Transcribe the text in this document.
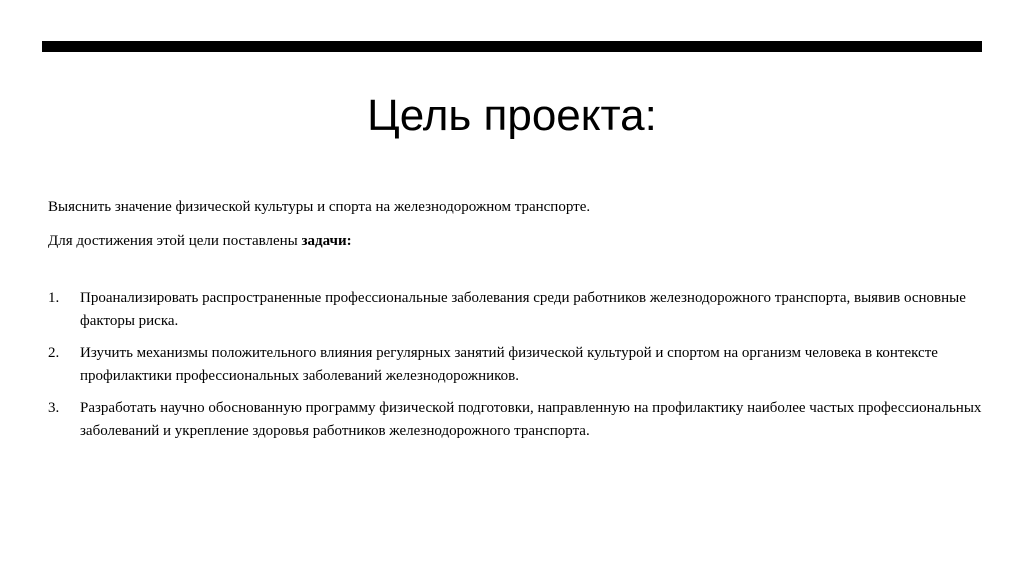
Цель проекта:

Выяснить значение физической культуры и спорта на железнодорожном транспорте.

Для достижения этой цели поставлены задачи:

1. Проанализировать распространенные профессиональные заболевания среди работников железнодорожного транспорта, выявив основные факторы риска.
2. Изучить механизмы положительного влияния регулярных занятий физической культурой и спортом на организм человека в контексте профилактики профессиональных заболеваний железнодорожников.
3. Разработать научно обоснованную программу физической подготовки, направленную на профилактику наиболее частых профессиональных заболеваний и укрепление здоровья работников железнодорожного транспорта.
